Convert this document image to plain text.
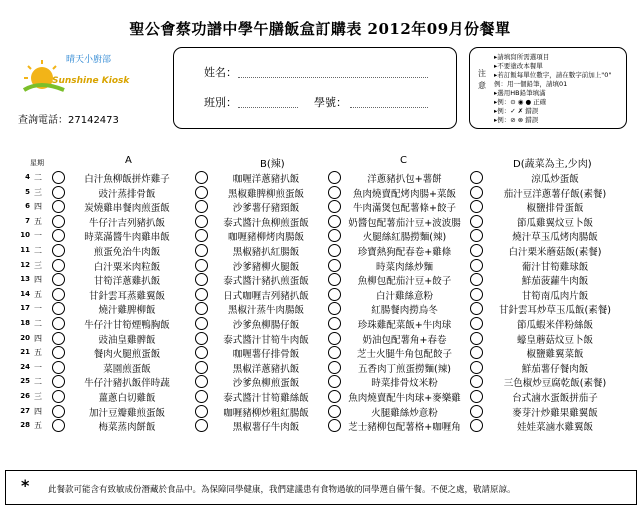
聖公會蔡功譜中學午膳飯盒訂購表 2012年09月份餐單
晴天小廚部
Sunshine Kiosk
查詢電話：27142473
姓名：
班別：	學號：
注意
▸請填寫所需選項目
▸不要塗改本餐單
▸若訂飯每單位數字，請在數字前加上"0"
例：用一個鉛筆，請填01
▸選用HB鉛筆填滿
▸例：⊙ ◉ ● 正確
▸例：✓ ✗ 錯誤
▸例：⊘ ⊗ 錯誤
星期	A	B(辣)	C	D(蔬菜為主,少肉)
4 二	白汁魚柳飯拼炸雞子	咖喱洋蔥豬扒飯	洋蔥豬扒包+薯餅	涼瓜炒蛋飯
5 三	豉汁蒸排骨飯	黑椒雞脾柳煎蛋飯	魚肉燒賣配烤肉腸+菜飯	茄汁豆洋蔥薯仔飯(素餐)
6 四	炭燒雞串餐肉煎蛋飯	沙爹薯仔豬頸飯	牛肉滿煲包配薯條+餃子	椒鹽排骨蛋飯
7 五	牛仔汁吉列豬扒飯	泰式醬汁魚柳煎蛋飯	奶醬包配薯茄汁豆+波波腸	節瓜雞翼炆豆卜飯
10 一	時菜滿醬牛肉雞串飯	咖喱豬柳烤肉腸飯	火腿絲紅腸撈麵(辣)	燒汁草玉瓜烤肉腸飯
11 二	煎蛋免治牛肉飯	黑椒豬扒紅腸飯	珍寶熱狗配春卷+雞條	白汁栗米蘑菇飯(素餐)
12 三	白汁粟米肉粒飯	沙爹豬柳火腿飯	時菜肉絲炒麵	葡汁甘筍雞球飯
13 四	甘筍洋蔥雞扒飯	泰式醬汁豬扒煎蛋飯	魚柳包配茄汁豆+餃子	鮮茄菠蘿牛肉飯
14 五	甘針雲耳蒸雞翼飯	日式咖喱吉列豬扒飯	白汁雞絲意粉	甘筍南瓜肉片飯
17 一	燒汁雞脾柳飯	黑椒汁蒸牛肉腸飯	紅腸餐肉撈烏冬	甘針雲耳炒草玉瓜飯(素餐)
18 二	牛仔汁甘筍煙鴨胸飯	沙爹魚柳腸仔飯	珍珠雞配菜飯+牛肉球	節瓜蝦米伴粉絲飯
20 四	豉油皇雞髀飯	泰式醬汁甘筍牛肉飯	奶油包配薯角+春卷	蠔皇蘑菇炆豆卜飯
21 五	餐肉火腿煎蛋飯	咖喱薯仔排骨飯	芝士火腿牛角包配餃子	椒鹽雞翼菜飯
24 一	菜園煎蛋飯	黑椒洋蔥豬扒飯	五香肉丁煎蛋撈麵(辣)	鮮茄薯仔餐肉飯
25 二	牛仔汁豬扒飯伴時蔬	沙爹魚柳煎蛋飯	時菜排骨炆米粉	三色椒炒豆腐乾飯(素餐)
26 三	薑蔥白切雞飯	泰式醬汁甘筍雞絲飯	魚肉燒賣配牛肉球+麥樂雞	台式滷水蛋飯拼茄子
27 四	加汁豆瓣雞煎蛋飯	咖喱豬柳炒粗紅腸飯	火腿雞絲炒意粉	麥芽汁炒雞果雞翼飯
28 五	梅菜蒸肉餅飯	黑椒薯仔牛肉飯	芝士豬柳包配薯格+咖喱角	娃娃菜滷水雞翼飯
* 此餐款可能含有致敏成份潛藏於食品中。為保障同學健康，我們建議患有食物過敏的同學選自備午餐。不便之處，敬請原諒。
